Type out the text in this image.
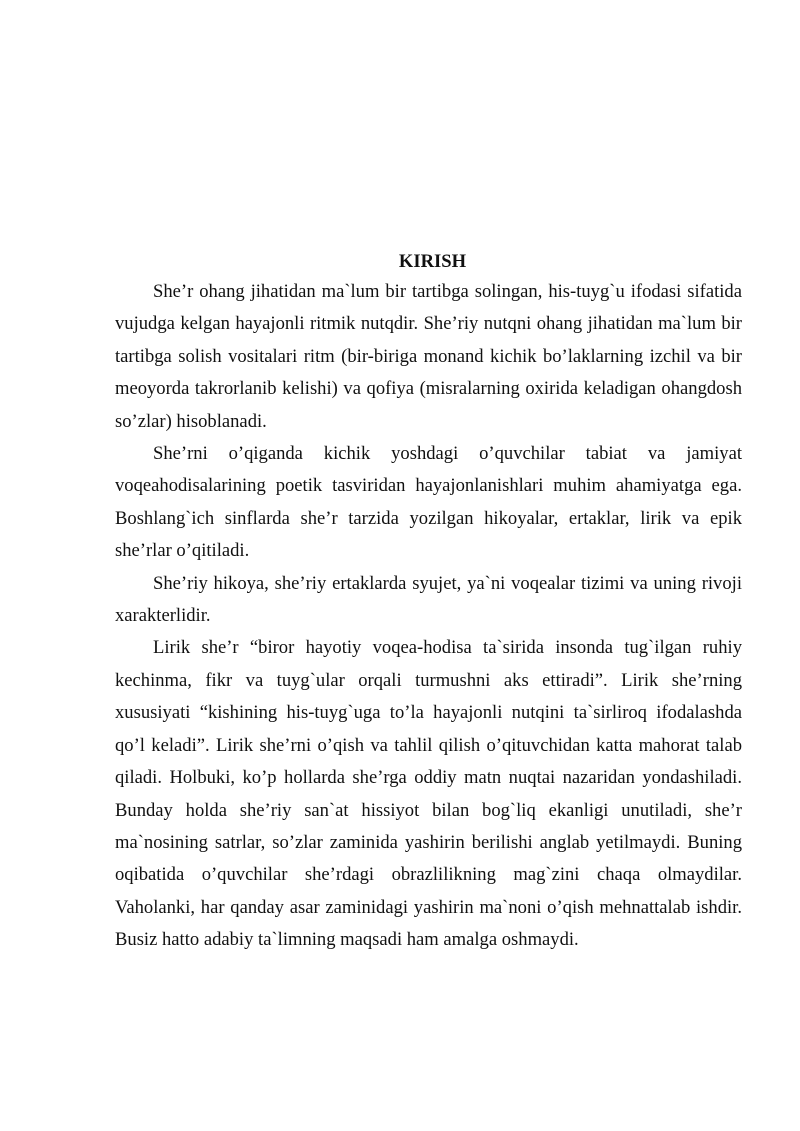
KIRISH

She’r ohang jihatidan ma`lum bir tartibga solingan, his-tuyg`u ifodasi sifatida vujudga kelgan hayajonli ritmik nutqdir. She’riy nutqni ohang jihatidan ma`lum bir tartibga solish vositalari ritm (bir-biriga monand kichik bo’laklarning izchil va bir meoyorda takrorlanib kelishi) va qofiya (misralarning oxirida keladigan ohangdosh so’zlar) hisoblanadi.

She’rni o’qiganda kichik yoshdagi o’quvchilar tabiat va jamiyat voqeahodisalarining poetik tasviridan hayajonlanishlari muhim ahamiyatga ega. Boshlang`ich sinflarda she’r tarzida yozilgan hikoyalar, ertaklar, lirik va epik she’rlar o’qitiladi.

She’riy hikoya, she’riy ertaklarda syujet, ya`ni voqealar tizimi va uning rivoji xarakterlidir.

Lirik she’r “biror hayotiy voqea-hodisa ta`sirida insonda tug`ilgan ruhiy kechinma, fikr va tuyg`ular orqali turmushni aks ettiradi”. Lirik she’rning xususiyati “kishining his-tuyg`uga to’la hayajonli nutqini ta`sirliroq ifodalashda qo’l keladi”. Lirik she’rni o’qish va tahlil qilish o’qituvchidan katta mahorat talab qiladi. Holbuki, ko’p hollarda she’rga oddiy matn nuqtai nazaridan yondashiladi. Bunday holda she’riy san`at hissiyot bilan bog`liq ekanligi unutiladi, she’r ma`nosining satrlar, so’zlar zaminida yashirin berilishi anglab yetilmaydi. Buning oqibatida o’quvchilar she’rdagi obrazlilikning mag`zini chaqa olmaydilar. Vaholanki, har qanday asar zaminidagi yashirin ma`noni o’qish mehnattalab ishdir. Busiz hatto adabiy ta`limning maqsadi ham amalga oshmaydi.
